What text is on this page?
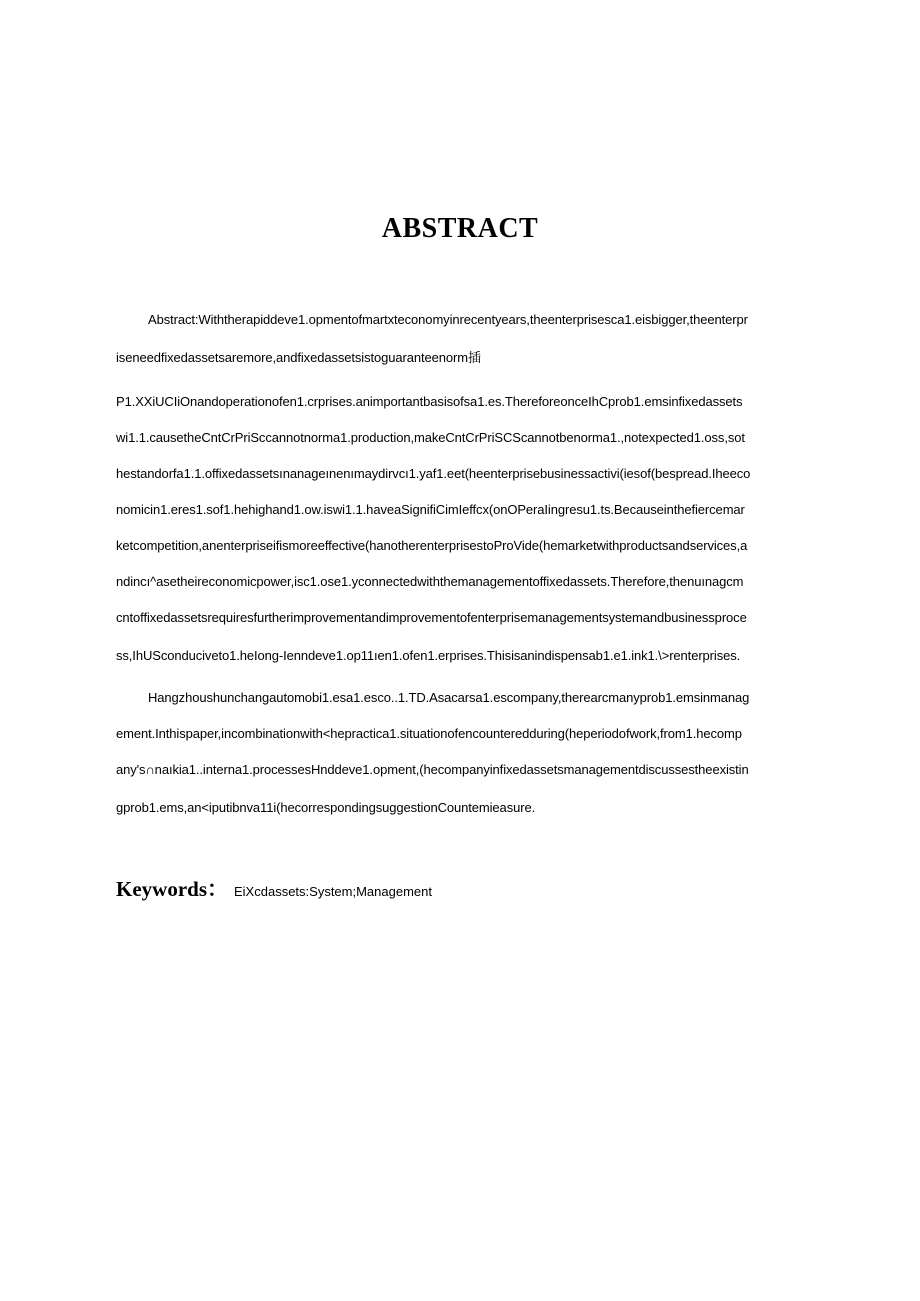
ABSTRACT
Abstract:Withtherapiddeve1.opmentofmartxteconomyinrecentyears,theenterprisesca1.eisbigger,theenterpr
iseneedfixedassetsaremore,andfixedassetsistoguaranteenorm插
P1.XXiUCIiOnandoperationofen1.crprises.animportantbasisofsa1.es.ThereforeonceIhCprob1.emsinfixedassets
wi1.1.causetheCntCrPriSccannotnorma1.production,makeCntCrPriSCScannotbenorma1.,notexpected1.oss,sot
hestandorfa1.1.offixedassetsınanageınenımaydirvcı1.yaf1.eet(heenterprisebusinessactivi(iesof(bespread.Iheeco
nomicin1.eres1.sof1.hehighand1.ow.iswi1.1.haveaSignifiCimIeffcx(onOPeraIingresu1.ts.Becauseinthefiercemar
ketcompetition,anenterpriseifismoreeffective(hanotherenterprisestoProVide(hemarketwithproductsandservices,a
ndincı^asetheireconomicpower,isc1.ose1.yconnectedwiththemanagementoffixedassets.Therefore,thenuınagcm
cntoffixedassetsrequiresfurtherimprovementandimprovementofenterprisemanagementsystemandbusinessproce
ss,IhUSconduciveto1.heIong-Ienndeve1.op11ıen1.ofen1.erprises.Thisisanindispensab1.e1.ink1.\>renterprises.
Hangzhoushunchangautomobi1.esa1.esco..1.TD.Asacarsa1.escompany,therearcmanyprob1.emsinmanag
ement.Inthispaper,incombinationwith<hepractica1.situationofencounteredduring(heperiodofwork,from1.hecomp
any's∩naıkia1..interna1.processesHnddeve1.opment,(hecompanyinfixedassetsmanagementdiscussestheexistin
gprob1.ems,an<iputibnva11i(hecorrespondingsuggestionCountemieasure.
Keywords： EiXcdassets:System;Management
